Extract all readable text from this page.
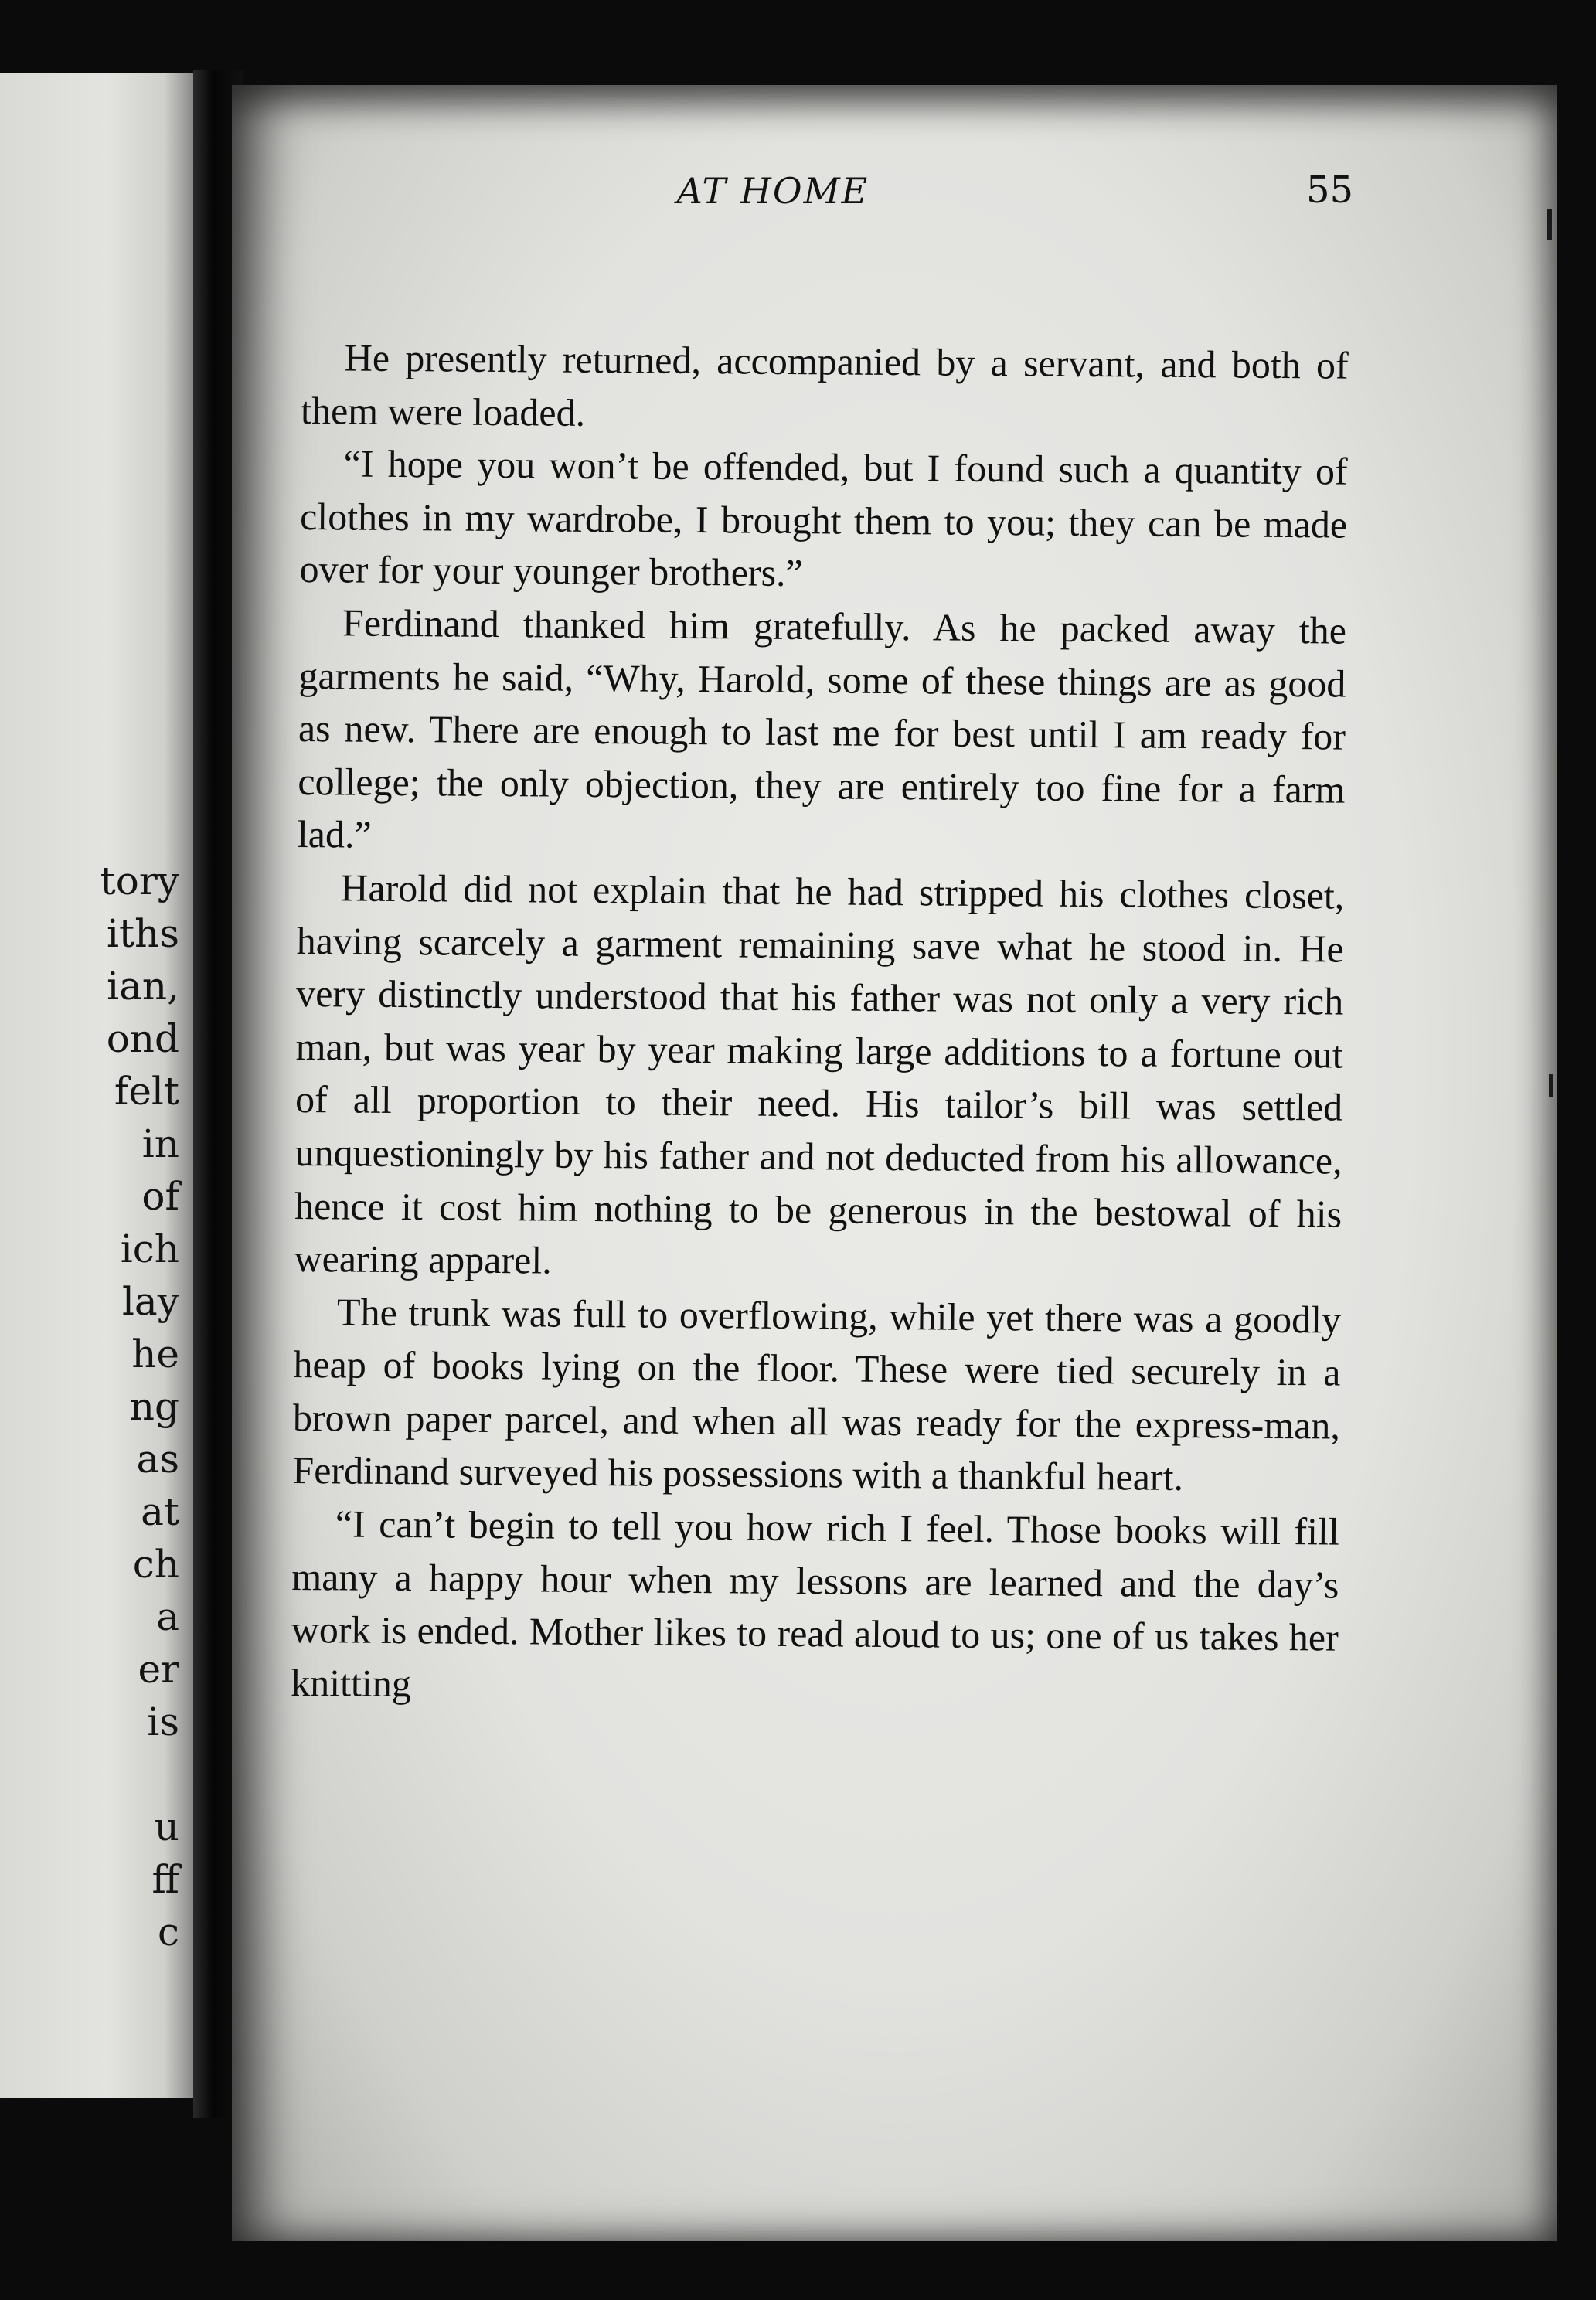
tory
iths
ian,
ond
felt
in
of
ich
lay
he
ng
as
at
ch
a
er
is
u
ff
c
AT HOME	55

He presently returned, accompanied by a servant, and both of them were loaded.

“I hope you won’t be offended, but I found such a quantity of clothes in my wardrobe, I brought them to you; they can be made over for your younger brothers.”

Ferdinand thanked him gratefully. As he packed away the garments he said, “Why, Harold, some of these things are as good as new. There are enough to last me for best until I am ready for college; the only objection, they are entirely too fine for a farm lad.”

Harold did not explain that he had stripped his clothes closet, having scarcely a garment remaining save what he stood in. He very distinctly understood that his father was not only a very rich man, but was year by year making large additions to a fortune out of all proportion to their need. His tailor’s bill was settled unquestioningly by his father and not deducted from his allowance, hence it cost him nothing to be generous in the bestowal of his wearing apparel.

The trunk was full to overflowing, while yet there was a goodly heap of books lying on the floor. These were tied securely in a brown paper parcel, and when all was ready for the express-man, Ferdinand surveyed his possessions with a thankful heart.

“I can’t begin to tell you how rich I feel. Those books will fill many a happy hour when my lessons are learned and the day’s work is ended. Mother likes to read aloud to us; one of us takes her knitting
